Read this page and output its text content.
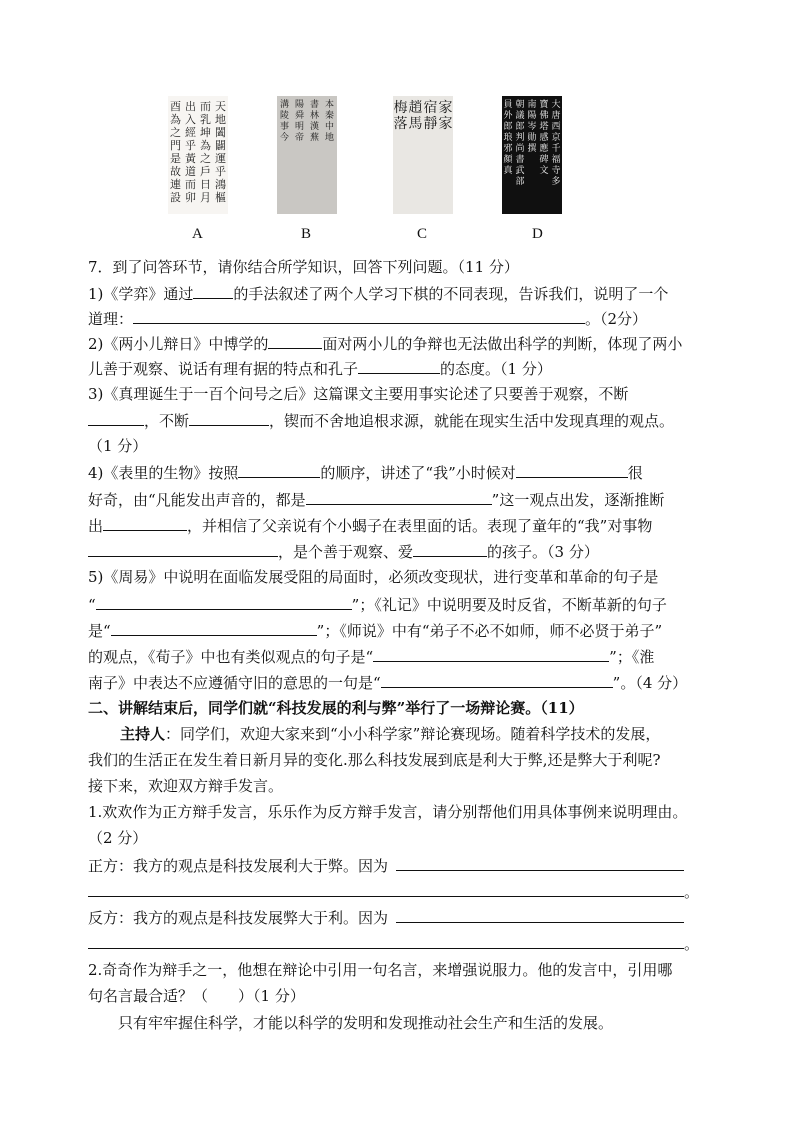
天地闔闢運乎鴻樞
而乳坤為之戶日月
出入經乎黃道而卯
酉為之門是故連設
本秦中地
書林漢蕪
陽舜明帝
溝陵事今
家家
宿靜
趙馬
梅落
大唐西京千福寺多
寶佛塔感應碑文
南陽岑勛撰
朝議郎判尚書武部
員外郎琅邪顏真
A	B	C	D
7．到了问答环节，请你结合所学知识，回答下列问题。（11 分）
1)《学弈》通过	的手法叙述了两个人学习下棋的不同表现，告诉我们，说明了一个
道理：	。（2分）
2)《两小儿辩日》中博学的	面对两小儿的争辩也无法做出科学的判断，体现了两小
儿善于观察、说话有理有据的特点和孔子	的态度。（1 分）
3)《真理诞生于一百个问号之后》这篇课文主要用事实论述了只要善于观察，不断
，不断	，锲而不舍地追根求源，就能在现实生活中发现真理的观点。
（1 分）
4)《表里的生物》按照	的顺序，讲述了“我”小时候对	很
好奇，由“凡能发出声音的，都是	”这一观点出发，逐渐推断
出	，并相信了父亲说有个小蝎子在表里面的话。表现了童年的“我”对事物
，是个善于观察、爱	的孩子。（3 分）
5)《周易》中说明在面临发展受阻的局面时，必须改变现状，进行变革和革命的句子是
“	”；《礼记》中说明要及时反省，不断革新的句子
是“	”；《师说》中有“弟子不必不如师，师不必贤于弟子”
的观点，《荀子》中也有类似观点的句子是“	”；《淮
南子》中表达不应遵循守旧的意思的一句是“	”。（4 分）
二、讲解结束后，同学们就“科技发展的利与弊”举行了一场辩论赛。（11）
主持人：同学们，欢迎大家来到“小小科学家”辩论赛现场。随着科学技术的发展，
我们的生活正在发生着日新月异的变化.那么科技发展到底是利大于弊,还是弊大于利呢?
接下来，欢迎双方辩手发言。
1.欢欢作为正方辩手发言，乐乐作为反方辩手发言，请分别帮他们用具体事例来说明理由。
（2 分）
正方：我方的观点是科技发展利大于弊。因为
。
反方：我方的观点是科技发展弊大于利。因为
。
2.奇奇作为辩手之一，他想在辩论中引用一句名言，来增强说服力。他的发言中，引用哪
句名言最合适？（　　）（1 分）
只有牢牢握住科学，才能以科学的发明和发现推动社会生产和生活的发展。
